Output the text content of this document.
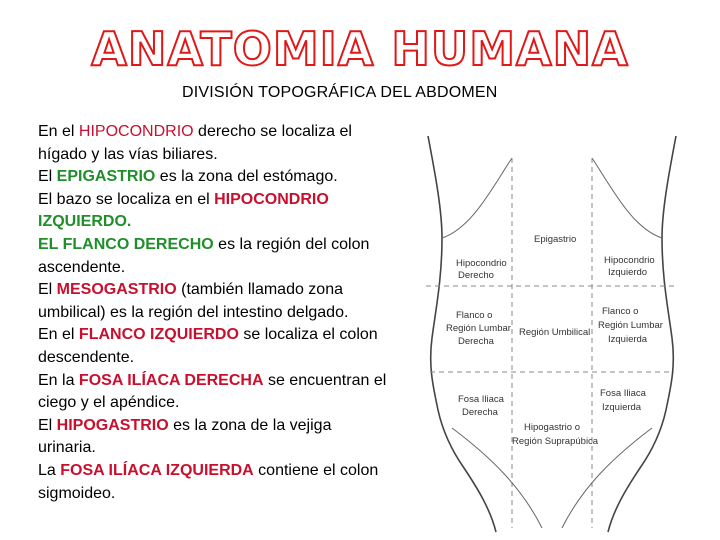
ANATOMIA HUMANA
DIVISIÓN TOPOGRÁFICA DEL ABDOMEN

En el HIPOCONDRIO derecho se localiza el hígado y las vías biliares.

El EPIGASTRIO es la zona del estómago.

El bazo se localiza en el HIPOCONDRIO
IZQUIERDO.

EL FLANCO DERECHO es la región del colon ascendente.

El MESOGASTRIO (también llamado zona umbilical) es la región del intestino delgado.

En el FLANCO IZQUIERDO se localiza el colon descendente.

En la FOSA ILÍACA DERECHA se encuentran el ciego y el apéndice.

El HIPOGASTRIO es la zona de la vejiga urinaria.

La FOSA ILÍACA IZQUIERDA contiene el colon sigmoideo.

Epigastrio
Hipocondrio
Derecho
Hipocondrio
Izquierdo
Flanco o
Región Lumbar
Derecha
Región Umbilical
Flanco o
Región Lumbar
Izquierda
Fosa Iliaca
Derecha
Fosa Iliaca
Izquierda
Hipogastrio o
Región Suprapúbica
